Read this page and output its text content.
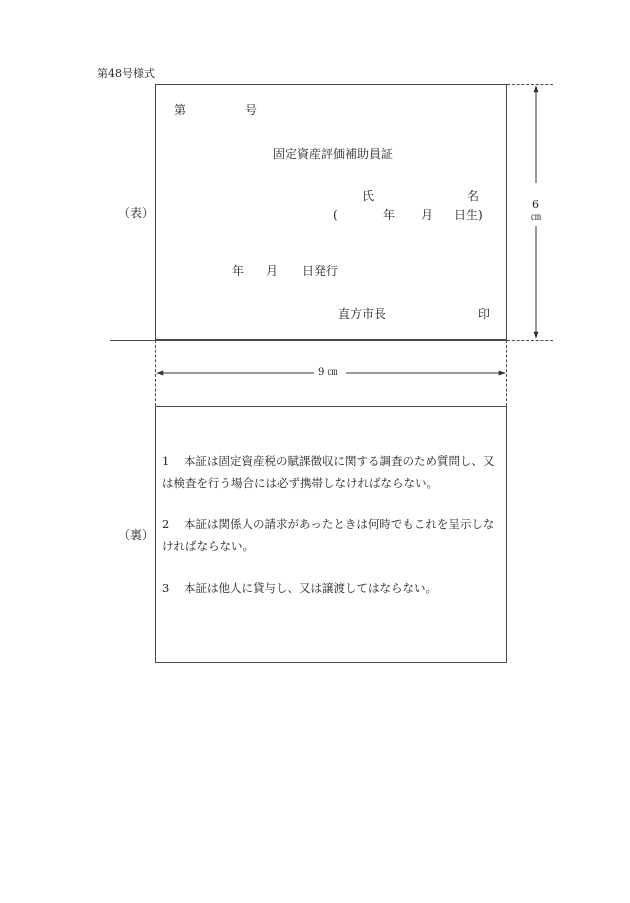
第48号様式
（表）
第	号
固定資産評価補助員証
氏	名
(	年 月 日生)
年 月 日発行
直方市長	印
6
㎝
9 ㎝
（裏）
1 本証は固定資産税の賦課徴収に関する調査のため質問し、又は検査を行う場合には必ず携帯しなければならない。
2 本証は関係人の請求があったときは何時でもこれを呈示しなければならない。
3 本証は他人に貸与し、又は譲渡してはならない。
